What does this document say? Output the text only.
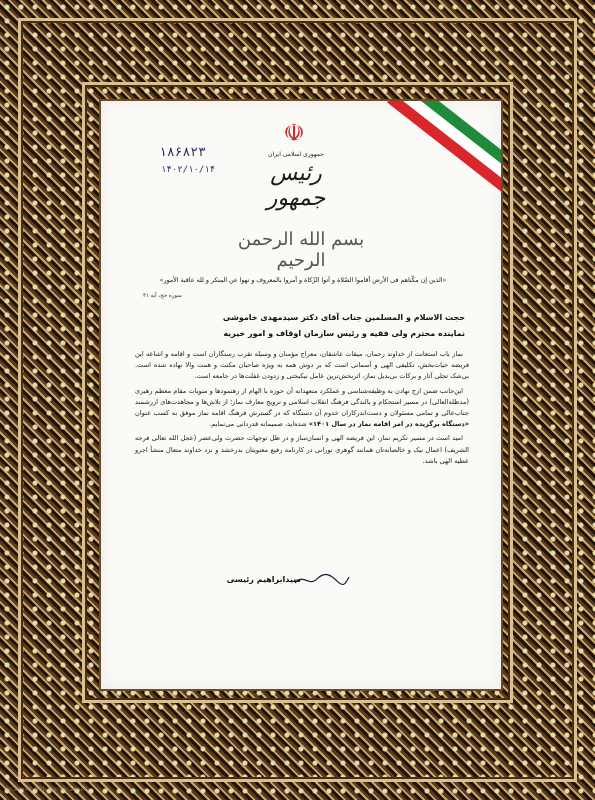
☫
جمهوری اسلامی ایران
رئیس جمهور
۱۸۶۸۲۳
۱۴۰۲/۱۰/۱۴
بسم الله الرحمن الرحیم
«الذین إن مکّناهم فی الأرض أقاموا الصّلاة و آتوا الزّکاة و أمروا بالمعروف و نهوا عن المنکر و لله عاقبة الأمور»
سوره حج، آیه ۴۱
حجت الاسلام و المسلمین جناب آقای دکتر سیدمهدی خاموشی
نماینده محترم ولی فقیه و رئیس سازمان اوقاف و امور خیریه

نماز باب استعانت از خداوند رحمان، میقات عاشقان، معراج مؤمنان و وسیله تقرب رستگاران است و اقامه و اشاعه این فریضه حیات‌بخش، تکلیفی الهی و آسمانی است که بر دوش همه به ویژه صاحبان مکنت و همت والا نهاده شده است. بی‌شک تجلی آثار و برکات بی‌بدیل نماز، اثربخش‌ترین عامل نیکبختی و زدودن غفلت‌ها در جامعه است.

این‌جانب ضمن ارج نهادن به وظیفه‌شناسی و عملکرد متعهدانه آن حوزه با الهام از رهنمودها و منویات مقام معظم رهبری (مدظله‌العالی) در مسیر استحکام و بالندگی فرهنگ انقلاب اسلامی و ترویج معارف نماز؛ از تلاش‌ها و مجاهدت‌های ارزشمند جناب‌عالی و تمامی مسئولان و دست‌اندرکاران خدوم آن دستگاه که در گسترش فرهنگ اقامه نماز موفق به کسب عنوان «دستگاه برگزیده در امر اقامه نماز در سال ۱۴۰۱» شده‌اید، صمیمانه قدردانی می‌نمایم.

امید است در مسیر تکریم نماز، این فریضه الهی و انسان‌ساز و در ظل توجهات حضرت ولی‌عصر (عجل الله تعالی فرجه الشریف) اعمال نیک و خالصانه‌تان همانند گوهری نورانی در کارنامه رفیع معنویتان بدرخشد و نزد خداوند متعال منشأ اجرو عطیه الهی باشد.

سیدابراهیم رئیسی
Scanned with CamScanner
